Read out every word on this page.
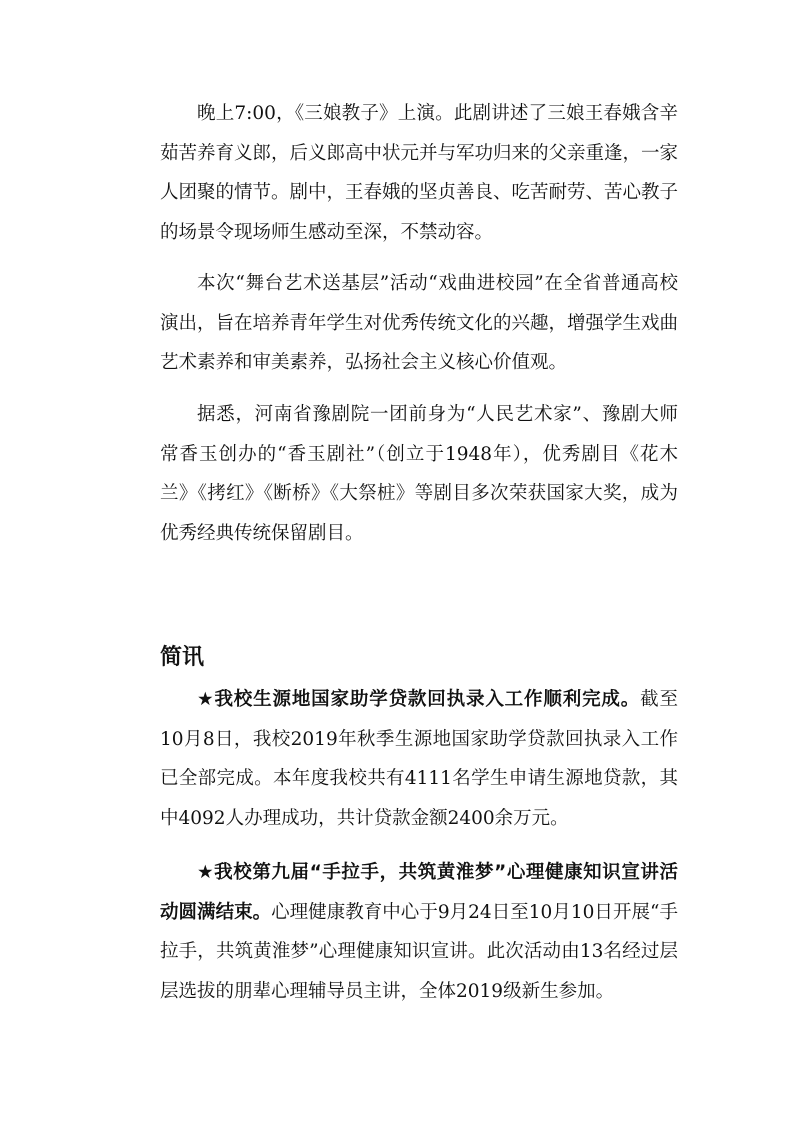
晚上7:00，《三娘教子》上演。此剧讲述了三娘王春娥含辛茹苦养育义郎，后义郎高中状元并与军功归来的父亲重逢，一家人团聚的情节。剧中，王春娥的坚贞善良、吃苦耐劳、苦心教子的场景令现场师生感动至深，不禁动容。

本次“舞台艺术送基层”活动“戏曲进校园”在全省普通高校演出，旨在培养青年学生对优秀传统文化的兴趣，增强学生戏曲艺术素养和审美素养，弘扬社会主义核心价值观。

据悉，河南省豫剧院一团前身为“人民艺术家”、豫剧大师常香玉创办的“香玉剧社”（创立于1948年），优秀剧目《花木兰》《拷红》《断桥》《大祭桩》等剧目多次荣获国家大奖，成为优秀经典传统保留剧目。

简讯

★我校生源地国家助学贷款回执录入工作顺利完成。截至10月8日，我校2019年秋季生源地国家助学贷款回执录入工作已全部完成。本年度我校共有4111名学生申请生源地贷款，其中4092人办理成功，共计贷款金额2400余万元。

★我校第九届“手拉手，共筑黄淮梦”心理健康知识宣讲活动圆满结束。心理健康教育中心于9月24日至10月10日开展“手拉手，共筑黄淮梦”心理健康知识宣讲。此次活动由13名经过层层选拔的朋辈心理辅导员主讲，全体2019级新生参加。
